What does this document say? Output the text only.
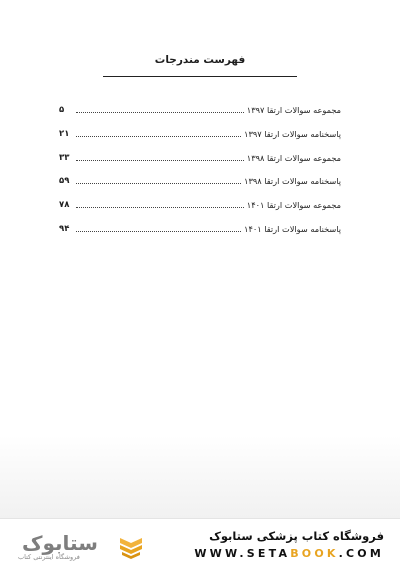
فهرست مندرجات
۵	مجموعه سوالات ارتقا ۱۳۹۷
۲۱	پاسخنامه سوالات ارتقا ۱۳۹۷
۳۳	مجموعه سوالات ارتقا ۱۳۹۸
۵۹	پاسخنامه سوالات ارتقا ۱۳۹۸
۷۸	مجموعه سوالات ارتقا ۱۴۰۱
۹۴	پاسخنامه سوالات ارتقا ۱۴۰۱
ستابوک
فروشگاه اینترنتی کتاب
فروشگاه کتاب پزشکی ستابوک
WWW.SETABOOK.COM
